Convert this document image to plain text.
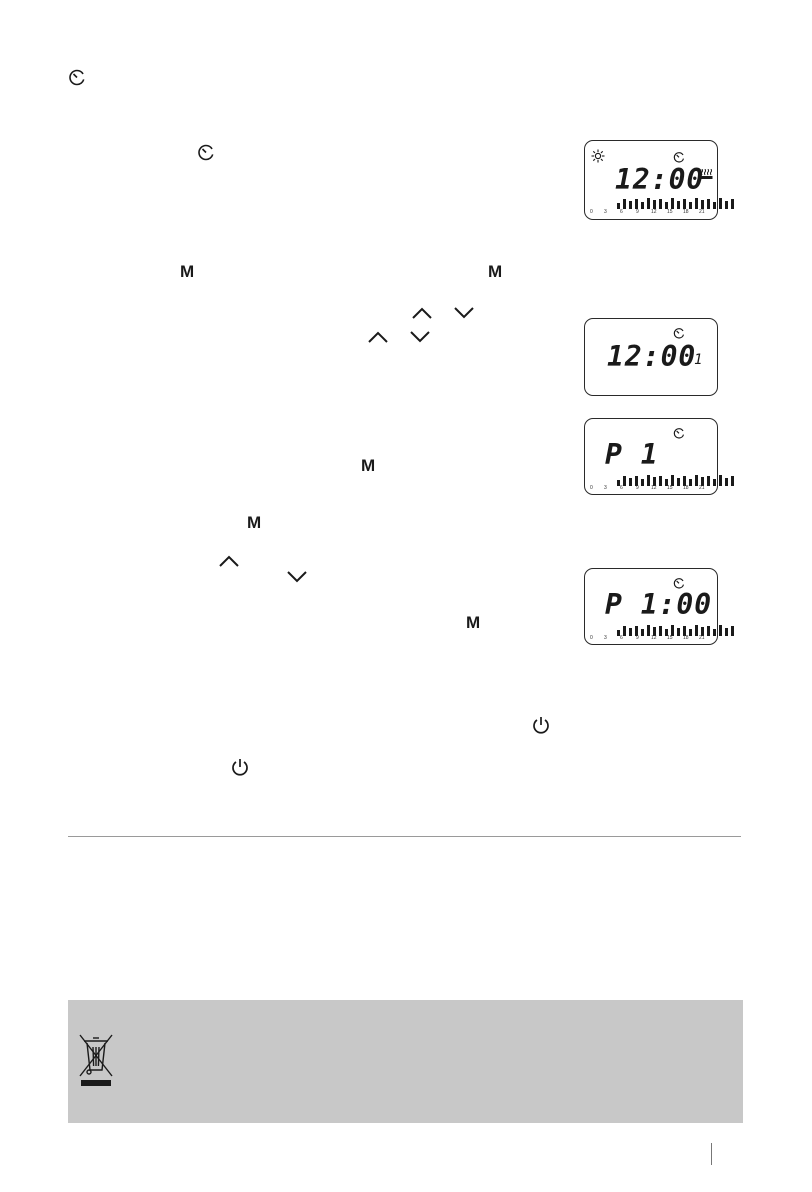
M	M
M
M
M
12:00
0 3	6	9 12 15 18 21
12:00
1
P 1
0 3	6	9 12 15 18 21
P 1:00
0 3	6	9 12 15 18 21
